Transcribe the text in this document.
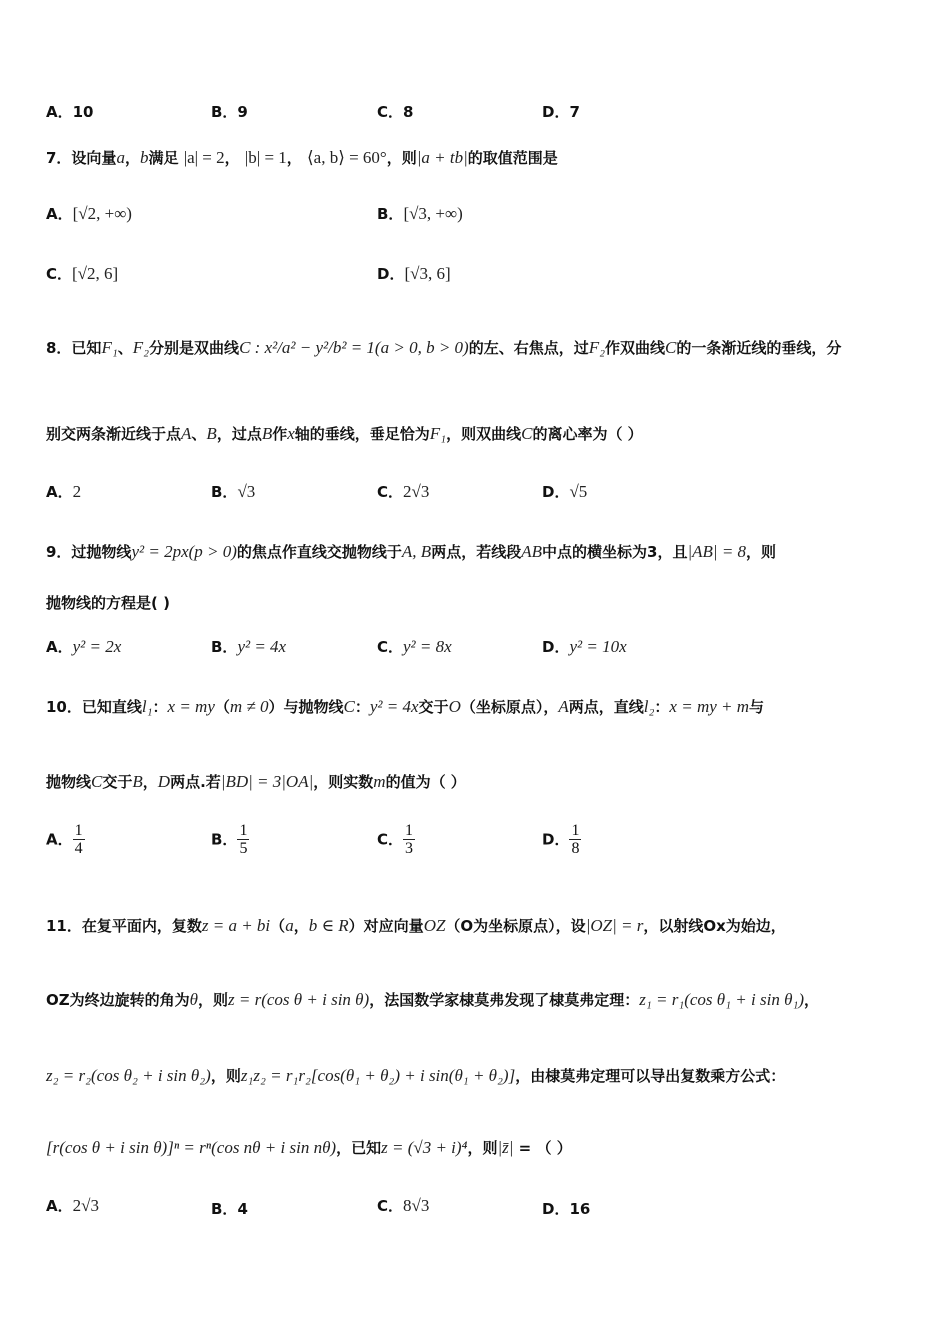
A．10	B．9	C．8	D．7
7．设向量a，b满足 |a| = 2， |b| = 1， ⟨a, b⟩ = 60°，则|a + tb|的取值范围是
A．[√2, +∞)	B．[√3, +∞)
C．[√2, 6]	D．[√3, 6]
8．已知F₁、F₂分别是双曲线C : x²/a² − y²/b² = 1(a > 0, b > 0)的左、右焦点，过F₂作双曲线C的一条渐近线的垂线，分
别交两条渐近线于点A、B，过点B作x轴的垂线，垂足恰为F₁，则双曲线C的离心率为（ ）
A．2	B．√3	C．2√3	D．√5
9．过抛物线y² = 2px(p > 0)的焦点作直线交抛物线于A, B两点，若线段AB中点的横坐标为3，且|AB| = 8，则
抛物线的方程是( )
A．y² = 2x	B．y² = 4x	C．y² = 8x	D．y² = 10x
10．已知直线l₁：x = my（m ≠ 0）与抛物线C：y² = 4x交于O（坐标原点），A两点，直线l₂：x = my + m与
抛物线C交于B，D两点.若|BD| = 3|OA|，则实数m的值为（ ）
A． $\frac{1}{4}$	B． $\frac{1}{5}$	C． $\frac{1}{3}$	D． $\frac{1}{8}$
11．在复平面内，复数z = a + bi（a，b ∈ R）对应向量OZ（O为坐标原点），设|OZ| = r，以射线Ox为始边，
OZ为终边旋转的角为θ，则z = r(cos θ + i sin θ)，法国数学家棣莫弗发现了棣莫弗定理：z₁ = r₁(cos θ₁ + i sin θ₁)，
z₂ = r₂(cos θ₂ + i sin θ₂)，则z₁z₂ = r₁r₂[cos(θ₁ + θ₂) + i sin(θ₁ + θ₂)]，由棣莫弗定理可以导出复数乘方公式：
[r(cos θ + i sin θ)]ⁿ = rⁿ(cos nθ + i sin nθ)，已知z = (√3 + i)⁴，则|z̄| = （ ）
A．2√3	B．4	C．8√3	D．16
